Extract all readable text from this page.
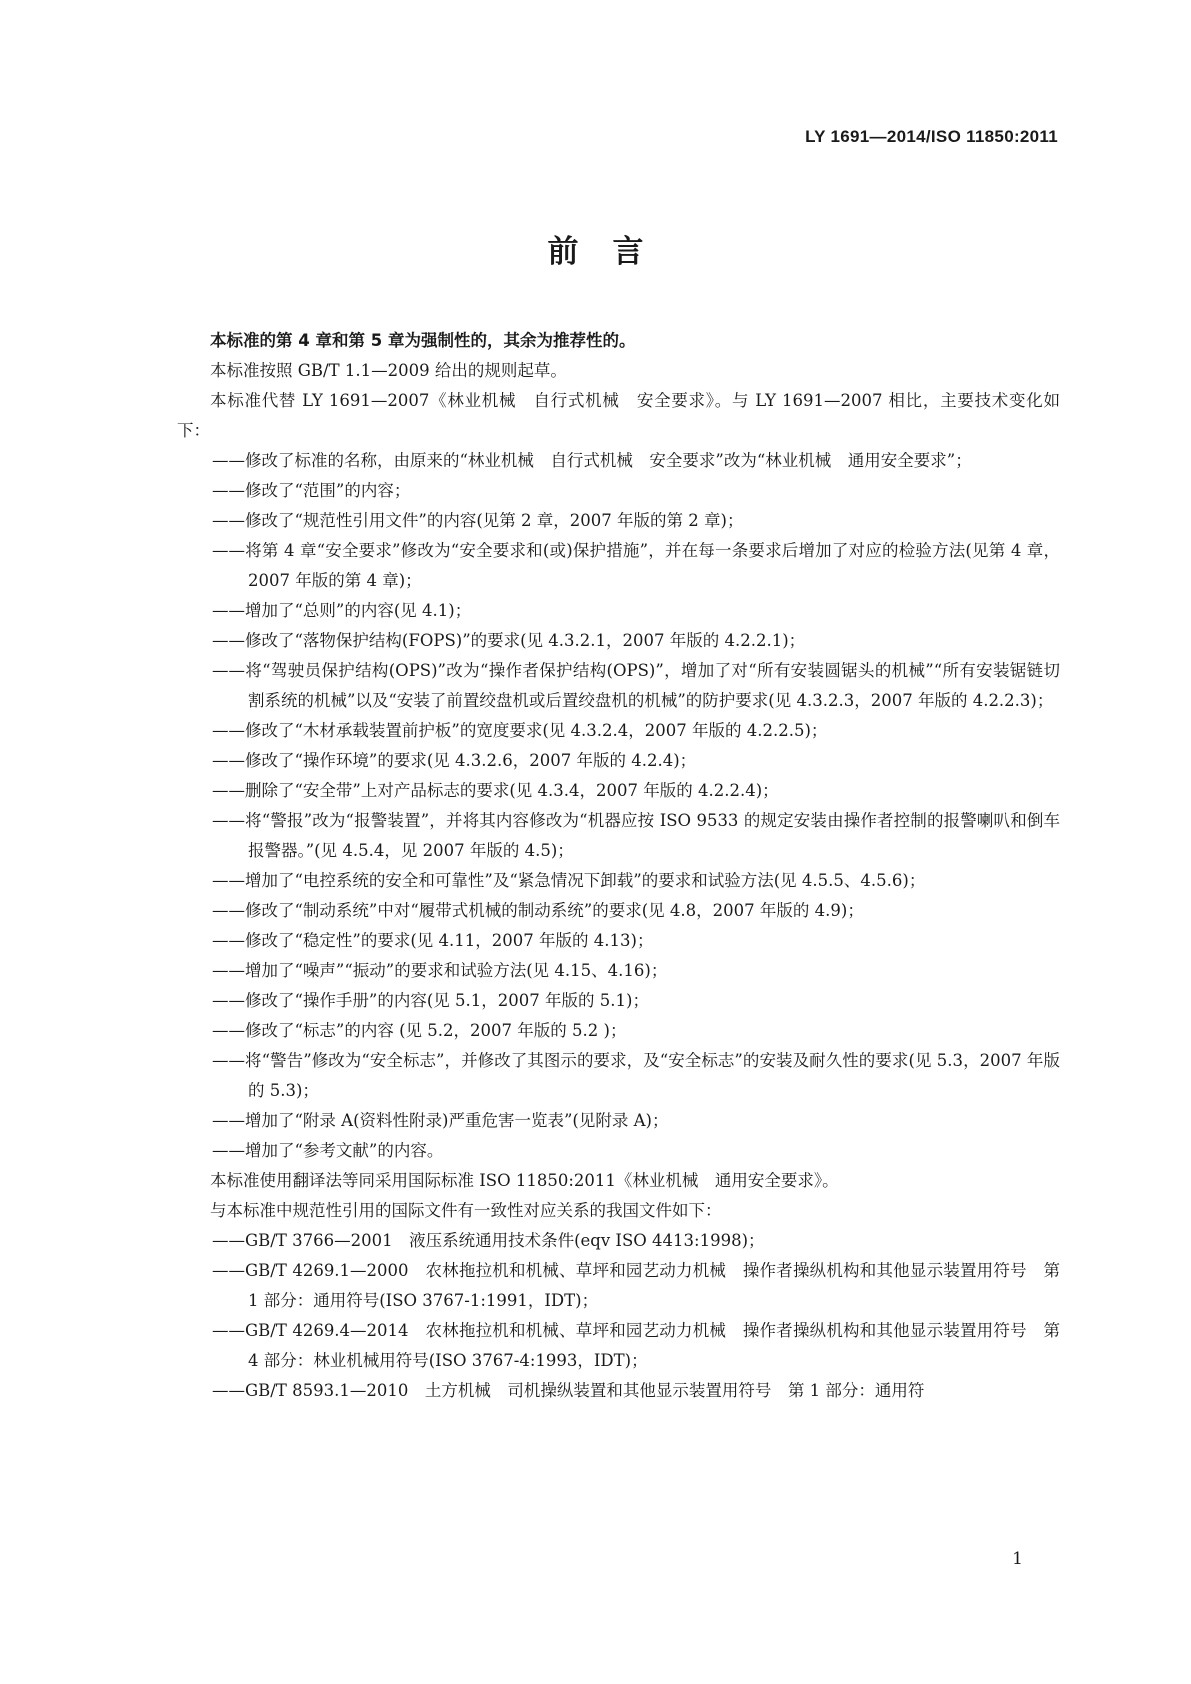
LY 1691—2014/ISO 11850:2011
前言

本标准的第 4 章和第 5 章为强制性的，其余为推荐性的。

本标准按照 GB/T 1.1—2009 给出的规则起草。

本标准代替 LY 1691—2007《林业机械　自行式机械　安全要求》。与 LY 1691—2007 相比，主要技术变化如下：

——修改了标准的名称，由原来的“林业机械　自行式机械　安全要求”改为“林业机械　通用安全要求”；

——修改了“范围”的内容；

——修改了“规范性引用文件”的内容(见第 2 章，2007 年版的第 2 章)；

——将第 4 章“安全要求”修改为“安全要求和(或)保护措施”，并在每一条要求后增加了对应的检验方法(见第 4 章，2007 年版的第 4 章)；

——增加了“总则”的内容(见 4.1)；

——修改了“落物保护结构(FOPS)”的要求(见 4.3.2.1，2007 年版的 4.2.2.1)；

——将“驾驶员保护结构(OPS)”改为“操作者保护结构(OPS)”，增加了对“所有安装圆锯头的机械”“所有安装锯链切割系统的机械”以及“安装了前置绞盘机或后置绞盘机的机械”的防护要求(见 4.3.2.3，2007 年版的 4.2.2.3)；

——修改了“木材承载装置前护板”的宽度要求(见 4.3.2.4，2007 年版的 4.2.2.5)；

——修改了“操作环境”的要求(见 4.3.2.6，2007 年版的 4.2.4)；

——删除了“安全带”上对产品标志的要求(见 4.3.4，2007 年版的 4.2.2.4)；

——将“警报”改为“报警装置”，并将其内容修改为“机器应按 ISO 9533 的规定安装由操作者控制的报警喇叭和倒车报警器。”(见 4.5.4，见 2007 年版的 4.5)；

——增加了“电控系统的安全和可靠性”及“紧急情况下卸载”的要求和试验方法(见 4.5.5、4.5.6)；

——修改了“制动系统”中对“履带式机械的制动系统”的要求(见 4.8，2007 年版的 4.9)；

——修改了“稳定性”的要求(见 4.11，2007 年版的 4.13)；

——增加了“噪声”“振动”的要求和试验方法(见 4.15、4.16)；

——修改了“操作手册”的内容(见 5.1，2007 年版的 5.1)；

——修改了“标志”的内容 (见 5.2，2007 年版的 5.2 )；

——将“警告”修改为“安全标志”，并修改了其图示的要求，及“安全标志”的安装及耐久性的要求(见 5.3，2007 年版的 5.3)；

——增加了“附录 A(资料性附录)严重危害一览表”(见附录 A)；

——增加了“参考文献”的内容。

本标准使用翻译法等同采用国际标准 ISO 11850:2011《林业机械　通用安全要求》。

与本标准中规范性引用的国际文件有一致性对应关系的我国文件如下：

——GB/T 3766—2001　液压系统通用技术条件(eqv ISO 4413:1998)；

——GB/T 4269.1—2000　农林拖拉机和机械、草坪和园艺动力机械　操作者操纵机构和其他显示装置用符号　第 1 部分：通用符号(ISO 3767-1:1991，IDT)；

——GB/T 4269.4—2014　农林拖拉机和机械、草坪和园艺动力机械　操作者操纵机构和其他显示装置用符号　第 4 部分：林业机械用符号(ISO 3767-4:1993，IDT)；

——GB/T 8593.1—2010　土方机械　司机操纵装置和其他显示装置用符号　第 1 部分：通用符

1
